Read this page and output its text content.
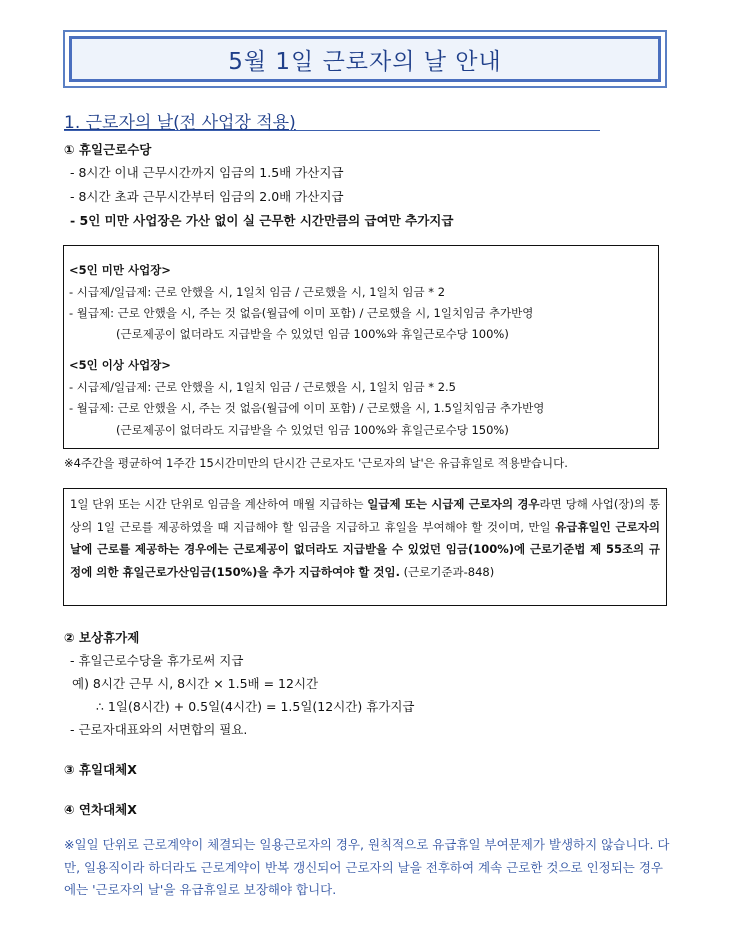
5월 1일 근로자의 날 안내
1. 근로자의 날(전 사업장 적용)
① 휴일근로수당
- 8시간 이내 근무시간까지 임금의 1.5배 가산지급
- 8시간 초과 근무시간부터 임금의 2.0배 가산지급
- 5인 미만 사업장은 가산 없이 실 근무한 시간만큼의 급여만 추가지급
<5인 미만 사업장>
- 시급제/일급제: 근로 안했을 시, 1일치 임금 / 근로했을 시, 1일치 임금 * 2
- 월급제: 근로 안했을 시, 주는 것 없음(월급에 이미 포함) / 근로했을 시, 1일치임금 추가반영
(근로제공이 없더라도 지급받을 수 있었던 임금 100%와 휴일근로수당 100%)
<5인 이상 사업장>
- 시급제/일급제: 근로 안했을 시, 1일치 임금 / 근로했을 시, 1일치 임금 * 2.5
- 월급제: 근로 안했을 시, 주는 것 없음(월급에 이미 포함) / 근로했을 시, 1.5일치임금 추가반영
(근로제공이 없더라도 지급받을 수 있었던 임금 100%와 휴일근로수당 150%)
※4주간을 평균하여 1주간 15시간미만의 단시간 근로자도 '근로자의 날'은 유급휴일로 적용받습니다.
1일 단위 또는 시간 단위로 임금을 계산하여 매월 지급하는 일급제 또는 시급제 근로자의 경우라면 당해 사업(장)의 통상의 1일 근로를 제공하였을 때 지급해야 할 임금을 지급하고 휴일을 부여해야 할 것이며, 만일 유급휴일인 근로자의 날에 근로를 제공하는 경우에는 근로제공이 없더라도 지급받을 수 있었던 임금(100%)에 근로기준법 제 55조의 규정에 의한 휴일근로가산임금(150%)을 추가 지급하여야 할 것임. (근로기준과-848)
② 보상휴가제
- 휴일근로수당을 휴가로써 지급
예) 8시간 근무 시, 8시간 × 1.5배 = 12시간
∴ 1일(8시간) + 0.5일(4시간) = 1.5일(12시간) 휴가지급
- 근로자대표와의 서면합의 필요.
③ 휴일대체Ⅹ
④ 연차대체Ⅹ
※일일 단위로 근로계약이 체결되는 일용근로자의 경우, 원칙적으로 유급휴일 부여문제가 발생하지 않습니다. 다만, 일용직이라 하더라도 근로계약이 반복 갱신되어 근로자의 날을 전후하여 계속 근로한 것으로 인정되는 경우에는 '근로자의 날'을 유급휴일로 보장해야 합니다.
